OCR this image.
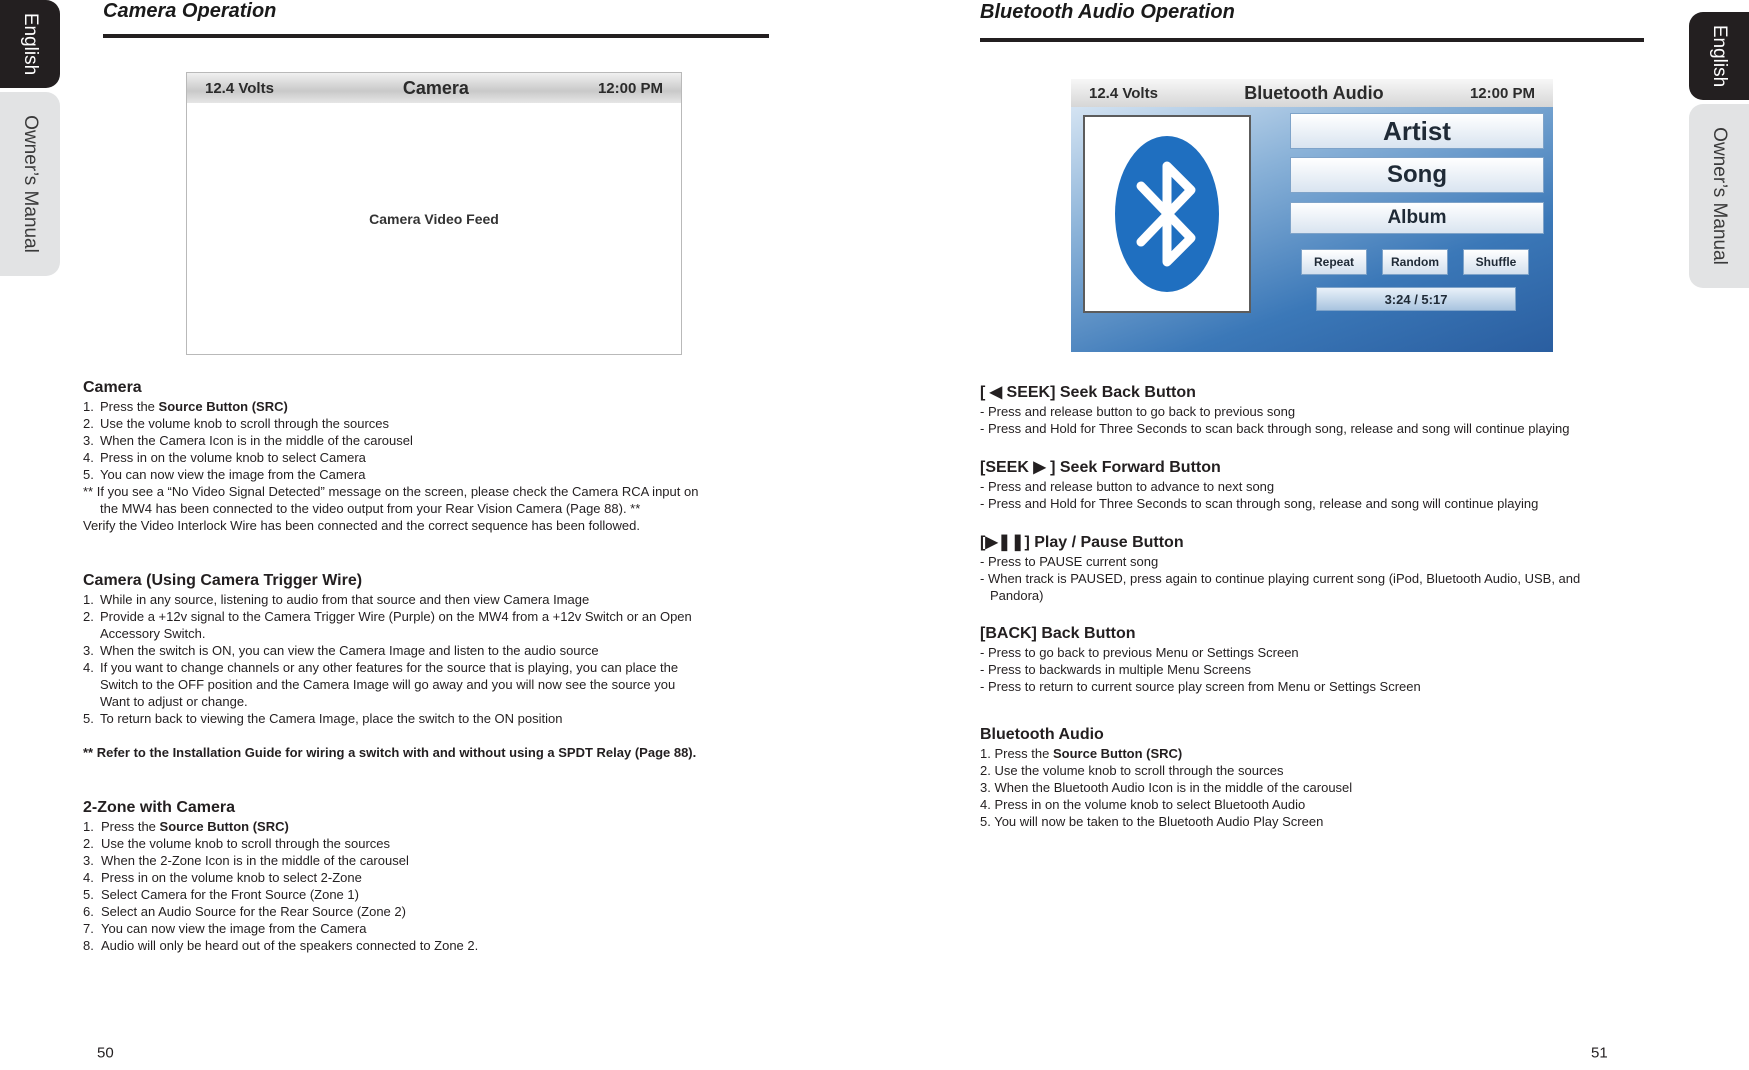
English
Owner’s Manual
English
Owner’s Manual
Camera Operation	Bluetooth Audio Operation
12.4 Volts	Camera	12:00 PM
Camera Video Feed
12.4 Volts	Bluetooth Audio	12:00 PM
Artist
Song
Album
Repeat	Random	Shuffle
3:24 / 5:17
Camera
1. Press the Source Button (SRC)
2. Use the volume knob to scroll through the sources
3. When the Camera Icon is in the middle of the carousel
4. Press in on the volume knob to select Camera
5. You can now view the image from the Camera
** If you see a “No Video Signal Detected” message on the screen, please check the Camera RCA input on
the MW4 has been connected to the video output from your Rear Vision Camera (Page 88). **
Verify the Video Interlock Wire has been connected and the correct sequence has been followed.
Camera (Using Camera Trigger Wire)
1. While in any source, listening to audio from that source and then view Camera Image
2. Provide a +12v signal to the Camera Trigger Wire (Purple) on the MW4 from a +12v Switch or an Open
Accessory Switch.
3. When the switch is ON, you can view the Camera Image and listen to the audio source
4. If you want to change channels or any other features for the source that is playing, you can place the
Switch to the OFF position and the Camera Image will go away and you will now see the source you
Want to adjust or change.
5. To return back to viewing the Camera Image, place the switch to the ON position
** Refer to the Installation Guide for wiring a switch with and without using a SPDT Relay (Page 88).
2-Zone with Camera
1. Press the Source Button (SRC)
2. Use the volume knob to scroll through the sources
3. When the 2-Zone Icon is in the middle of the carousel
4. Press in on the volume knob to select 2-Zone
5. Select Camera for the Front Source (Zone 1)
6. Select an Audio Source for the Rear Source (Zone 2)
7. You can now view the image from the Camera
8. Audio will only be heard out of the speakers connected to Zone 2.
[ ◀ SEEK] Seek Back Button
- Press and release button to go back to previous song
- Press and Hold for Three Seconds to scan back through song, release and song will continue playing
[SEEK ▶ ] Seek Forward Button
- Press and release button to advance to next song
- Press and Hold for Three Seconds to scan through song, release and song will continue playing
[▶❚❚] Play / Pause Button
- Press to PAUSE current song
- When track is PAUSED, press again to continue playing current song (iPod, Bluetooth Audio, USB, and
Pandora)
[BACK] Back Button
- Press to go back to previous Menu or Settings Screen
- Press to backwards in multiple Menu Screens
- Press to return to current source play screen from Menu or Settings Screen
Bluetooth Audio
1. Press the Source Button (SRC)
2. Use the volume knob to scroll through the sources
3. When the Bluetooth Audio Icon is in the middle of the carousel
4. Press in on the volume knob to select Bluetooth Audio
5. You will now be taken to the Bluetooth Audio Play Screen
50	51
